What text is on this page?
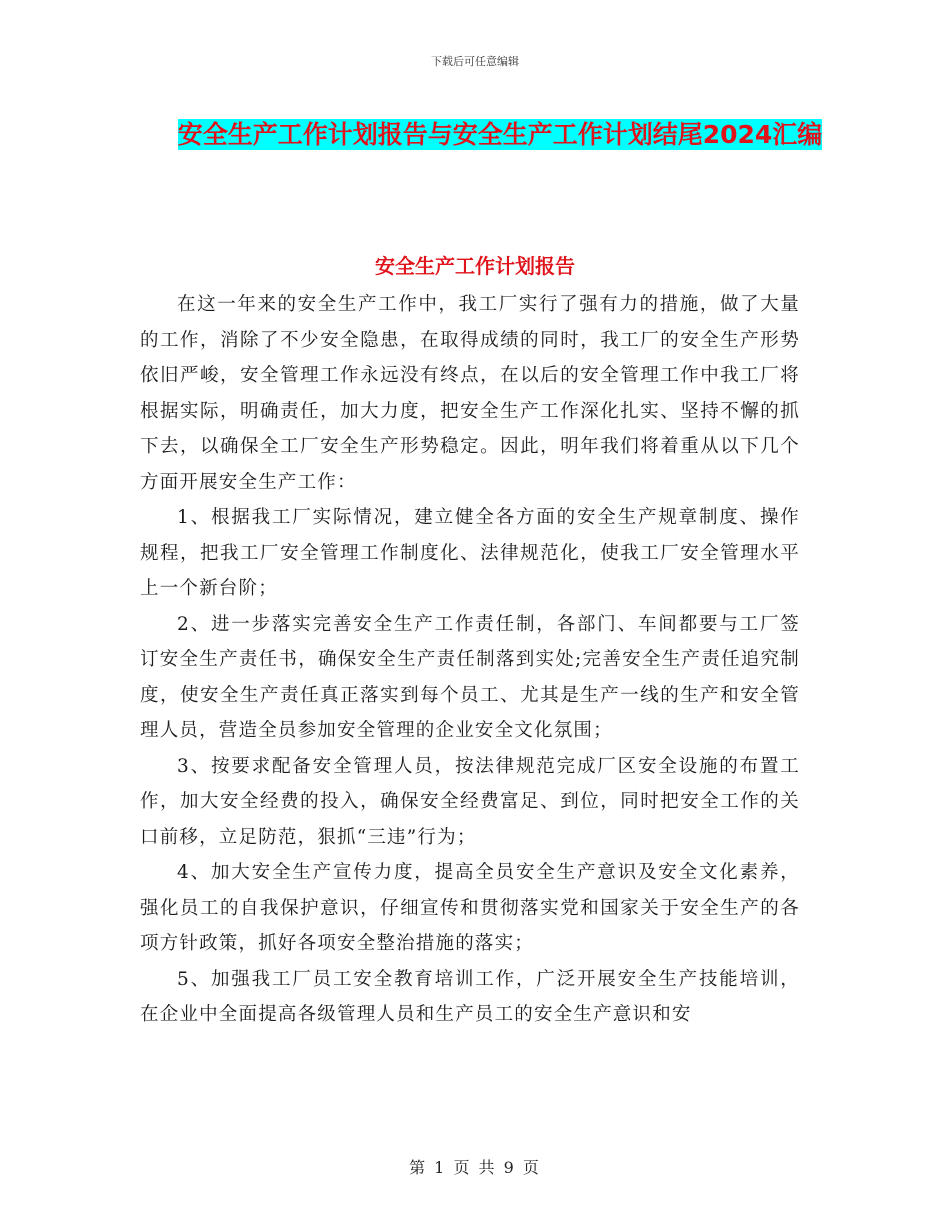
下载后可任意编辑
安全生产工作计划报告与安全生产工作计划结尾2024汇编
安全生产工作计划报告

在这一年来的安全生产工作中，我工厂实行了强有力的措施，做了大量的工作，消除了不少安全隐患，在取得成绩的同时，我工厂的安全生产形势依旧严峻，安全管理工作永远没有终点，在以后的安全管理工作中我工厂将根据实际，明确责任，加大力度，把安全生产工作深化扎实、坚持不懈的抓下去，以确保全工厂安全生产形势稳定。因此，明年我们将着重从以下几个方面开展安全生产工作：

1、根据我工厂实际情况，建立健全各方面的安全生产规章制度、操作规程，把我工厂安全管理工作制度化、法律规范化，使我工厂安全管理水平上一个新台阶；

2、进一步落实完善安全生产工作责任制，各部门、车间都要与工厂签订安全生产责任书，确保安全生产责任制落到实处;完善安全生产责任追究制度，使安全生产责任真正落实到每个员工、尤其是生产一线的生产和安全管理人员，营造全员参加安全管理的企业安全文化氛围；

3、按要求配备安全管理人员，按法律规范完成厂区安全设施的布置工作，加大安全经费的投入，确保安全经费富足、到位，同时把安全工作的关口前移，立足防范，狠抓“三违”行为；

4、加大安全生产宣传力度，提高全员安全生产意识及安全文化素养，强化员工的自我保护意识，仔细宣传和贯彻落实党和国家关于安全生产的各项方针政策，抓好各项安全整治措施的落实；

5、加强我工厂员工安全教育培训工作，广泛开展安全生产技能培训，在企业中全面提高各级管理人员和生产员工的安全生产意识和安

第 1 页 共 9 页
